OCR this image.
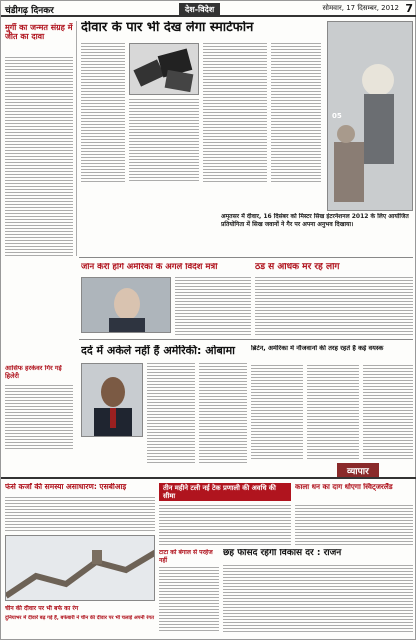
चंडीगढ़ दिनकर	देश-विदेश	सोमवार, 17 दिसम्बर, 2012 7
मुर्गी का जन्मत संग्रह में जीत का दावा
दीवार के पार भी देख लेगा स्मार्टफोन
05
अमृतसर में दीवार, 16 दिसंबर को मिस्टर सिख इंटरनेशनल 2012 के लिए आयोजित प्रतियोगिता में सिख जवानों ने गैर पर अपना अनुभव दिखाया।
जॉन केरी होंगे अमेरिका के अगले विदेश मंत्री	ठंड से अधिक मर रहे लोग
आसिफ हरकेवर गिर गईं हिलेरी
दर्द में अकेले नहीं हैं अमेरिकी: ओबामा	ब्रिटेन, अमेरिका में नौजवानों की तरह रहते हैं कई वयस्क
व्यापार
फंसे कर्जों की समस्या असाधारण: एसबीआइ	तीन महीने टली नई टेक प्रणाली की अवधि की सीमा
काला धन का दाग धोएगा स्विट्जरलैंड
टाटा को बंगाल से परहेज नहीं
छह फीसद रहेगी विकास दर : राजन
चीन की दीवार पर भी बर्फ का रंग
दुनियाभर में दीवारें बढ़ गई हैं, बर्फबारी ने चीन की दीवार पर भी चलाई अपनी रंगत
